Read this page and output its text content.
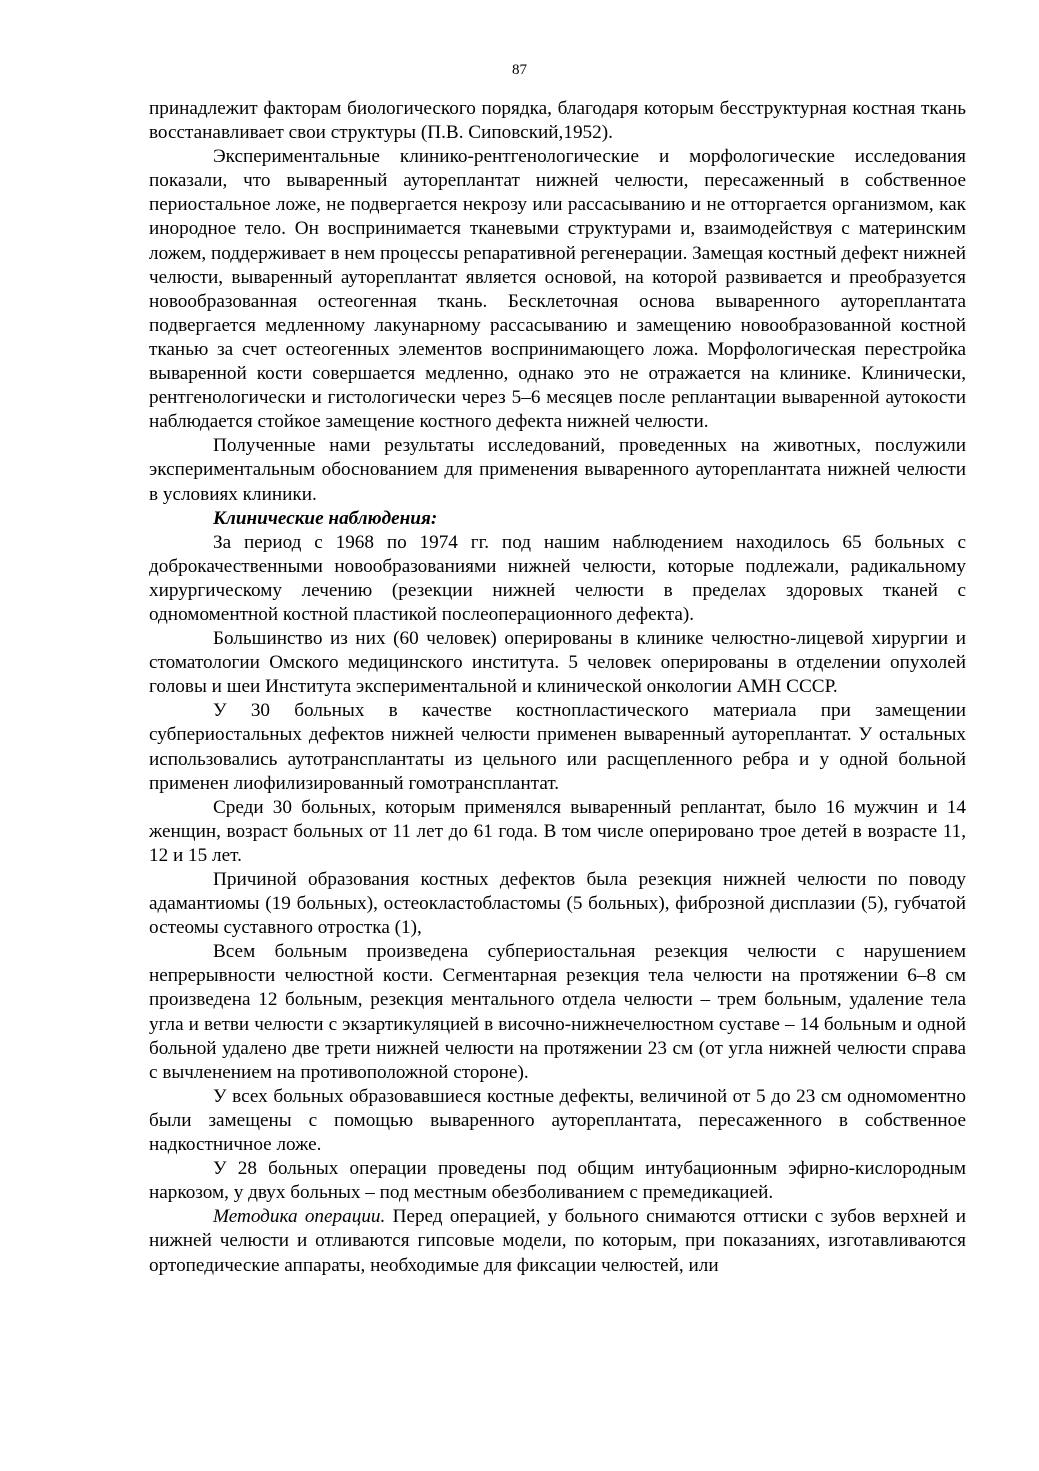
87

принадлежит факторам биологического порядка, благодаря которым бесструктурная костная ткань восстанавливает свои структуры (П.В. Сиповский,1952).

Экспериментальные клинико-рентгенологические и морфологические исследования показали, что вываренный аутореплантат нижней челюсти, пересаженный в собственное периостальное ложе, не подвергается некрозу или рассасыванию и не отторгается организмом, как инородное тело. Он воспринимается тканевыми структурами и, взаимодействуя с материнским ложем, поддерживает в нем процессы репаративной регенерации. Замещая костный дефект нижней челюсти, вываренный аутореплантат является основой, на которой развивается и преобразуется новообразованная остеогенная ткань. Бесклеточная основа вываренного аутореплантата подвергается медленному лакунарному рассасыванию и замещению новообразованной костной тканью за счет остеогенных элементов воспринимающего ложа. Морфологическая перестройка вываренной кости совершается медленно, однако это не отражается на клинике. Клинически, рентгенологически и гистологически через 5–6 месяцев после реплантации вываренной аутокости наблюдается стойкое замещение костного дефекта нижней челюсти.

Полученные нами результаты исследований, проведенных на животных, послужили экспериментальным обоснованием для применения вываренного аутореплантата нижней челюсти в условиях клиники.

Клинические наблюдения:

За период с 1968 по 1974 гг. под нашим наблюдением находилось 65 больных с доброкачественными новообразованиями нижней челюсти, которые подлежали, радикальному хирургическому лечению (резекции нижней челюсти в пределах здоровых тканей с одномоментной костной пластикой послеоперационного дефекта).

Большинство из них (60 человек) оперированы в клинике челюстно-лицевой хирургии и стоматологии Омского медицинского института. 5 человек оперированы в отделении опухолей головы и шеи Института экспериментальной и клинической онкологии АМН СССР.

У 30 больных в качестве костнопластического материала при замещении субпериостальных дефектов нижней челюсти применен вываренный аутореплантат. У остальных использовались аутотрансплантаты из цельного или расщепленного ребра и у одной больной применен лиофилизированный гомотрансплантат.

Среди 30 больных, которым применялся вываренный реплантат, было 16 мужчин и 14 женщин, возраст больных от 11 лет до 61 года. В том числе оперировано трое детей в возрасте 11, 12 и 15 лет.

Причиной образования костных дефектов была резекция нижней челюсти по поводу адамантиомы (19 больных), остеокластобластомы (5 больных), фиброзной дисплазии (5), губчатой остеомы суставного отростка (1),

Всем больным произведена субпериостальная резекция челюсти с нарушением непрерывности челюстной кости. Сегментарная резекция тела челюсти на протяжении 6–8 см произведена 12 больным, резекция ментального отдела челюсти – трем больным, удаление тела угла и ветви челюсти с экзартикуляцией в височно-нижнечелюстном суставе – 14 больным и одной больной удалено две трети нижней челюсти на протяжении 23 см (от угла нижней челюсти справа с вычленением на противоположной стороне).

У всех больных образовавшиеся костные дефекты, величиной от 5 до 23 см одномоментно были замещены с помощью вываренного аутореплантата, пересаженного в собственное надкостничное ложе.

У 28 больных операции проведены под общим интубационным эфирно-кислородным наркозом, у двух больных – под местным обезболиванием с премедикацией.

Методика операции. Перед операцией, у больного снимаются оттиски с зубов верхней и нижней челюсти и отливаются гипсовые модели, по которым, при показаниях, изготавливаются ортопедические аппараты, необходимые для фиксации челюстей, или
